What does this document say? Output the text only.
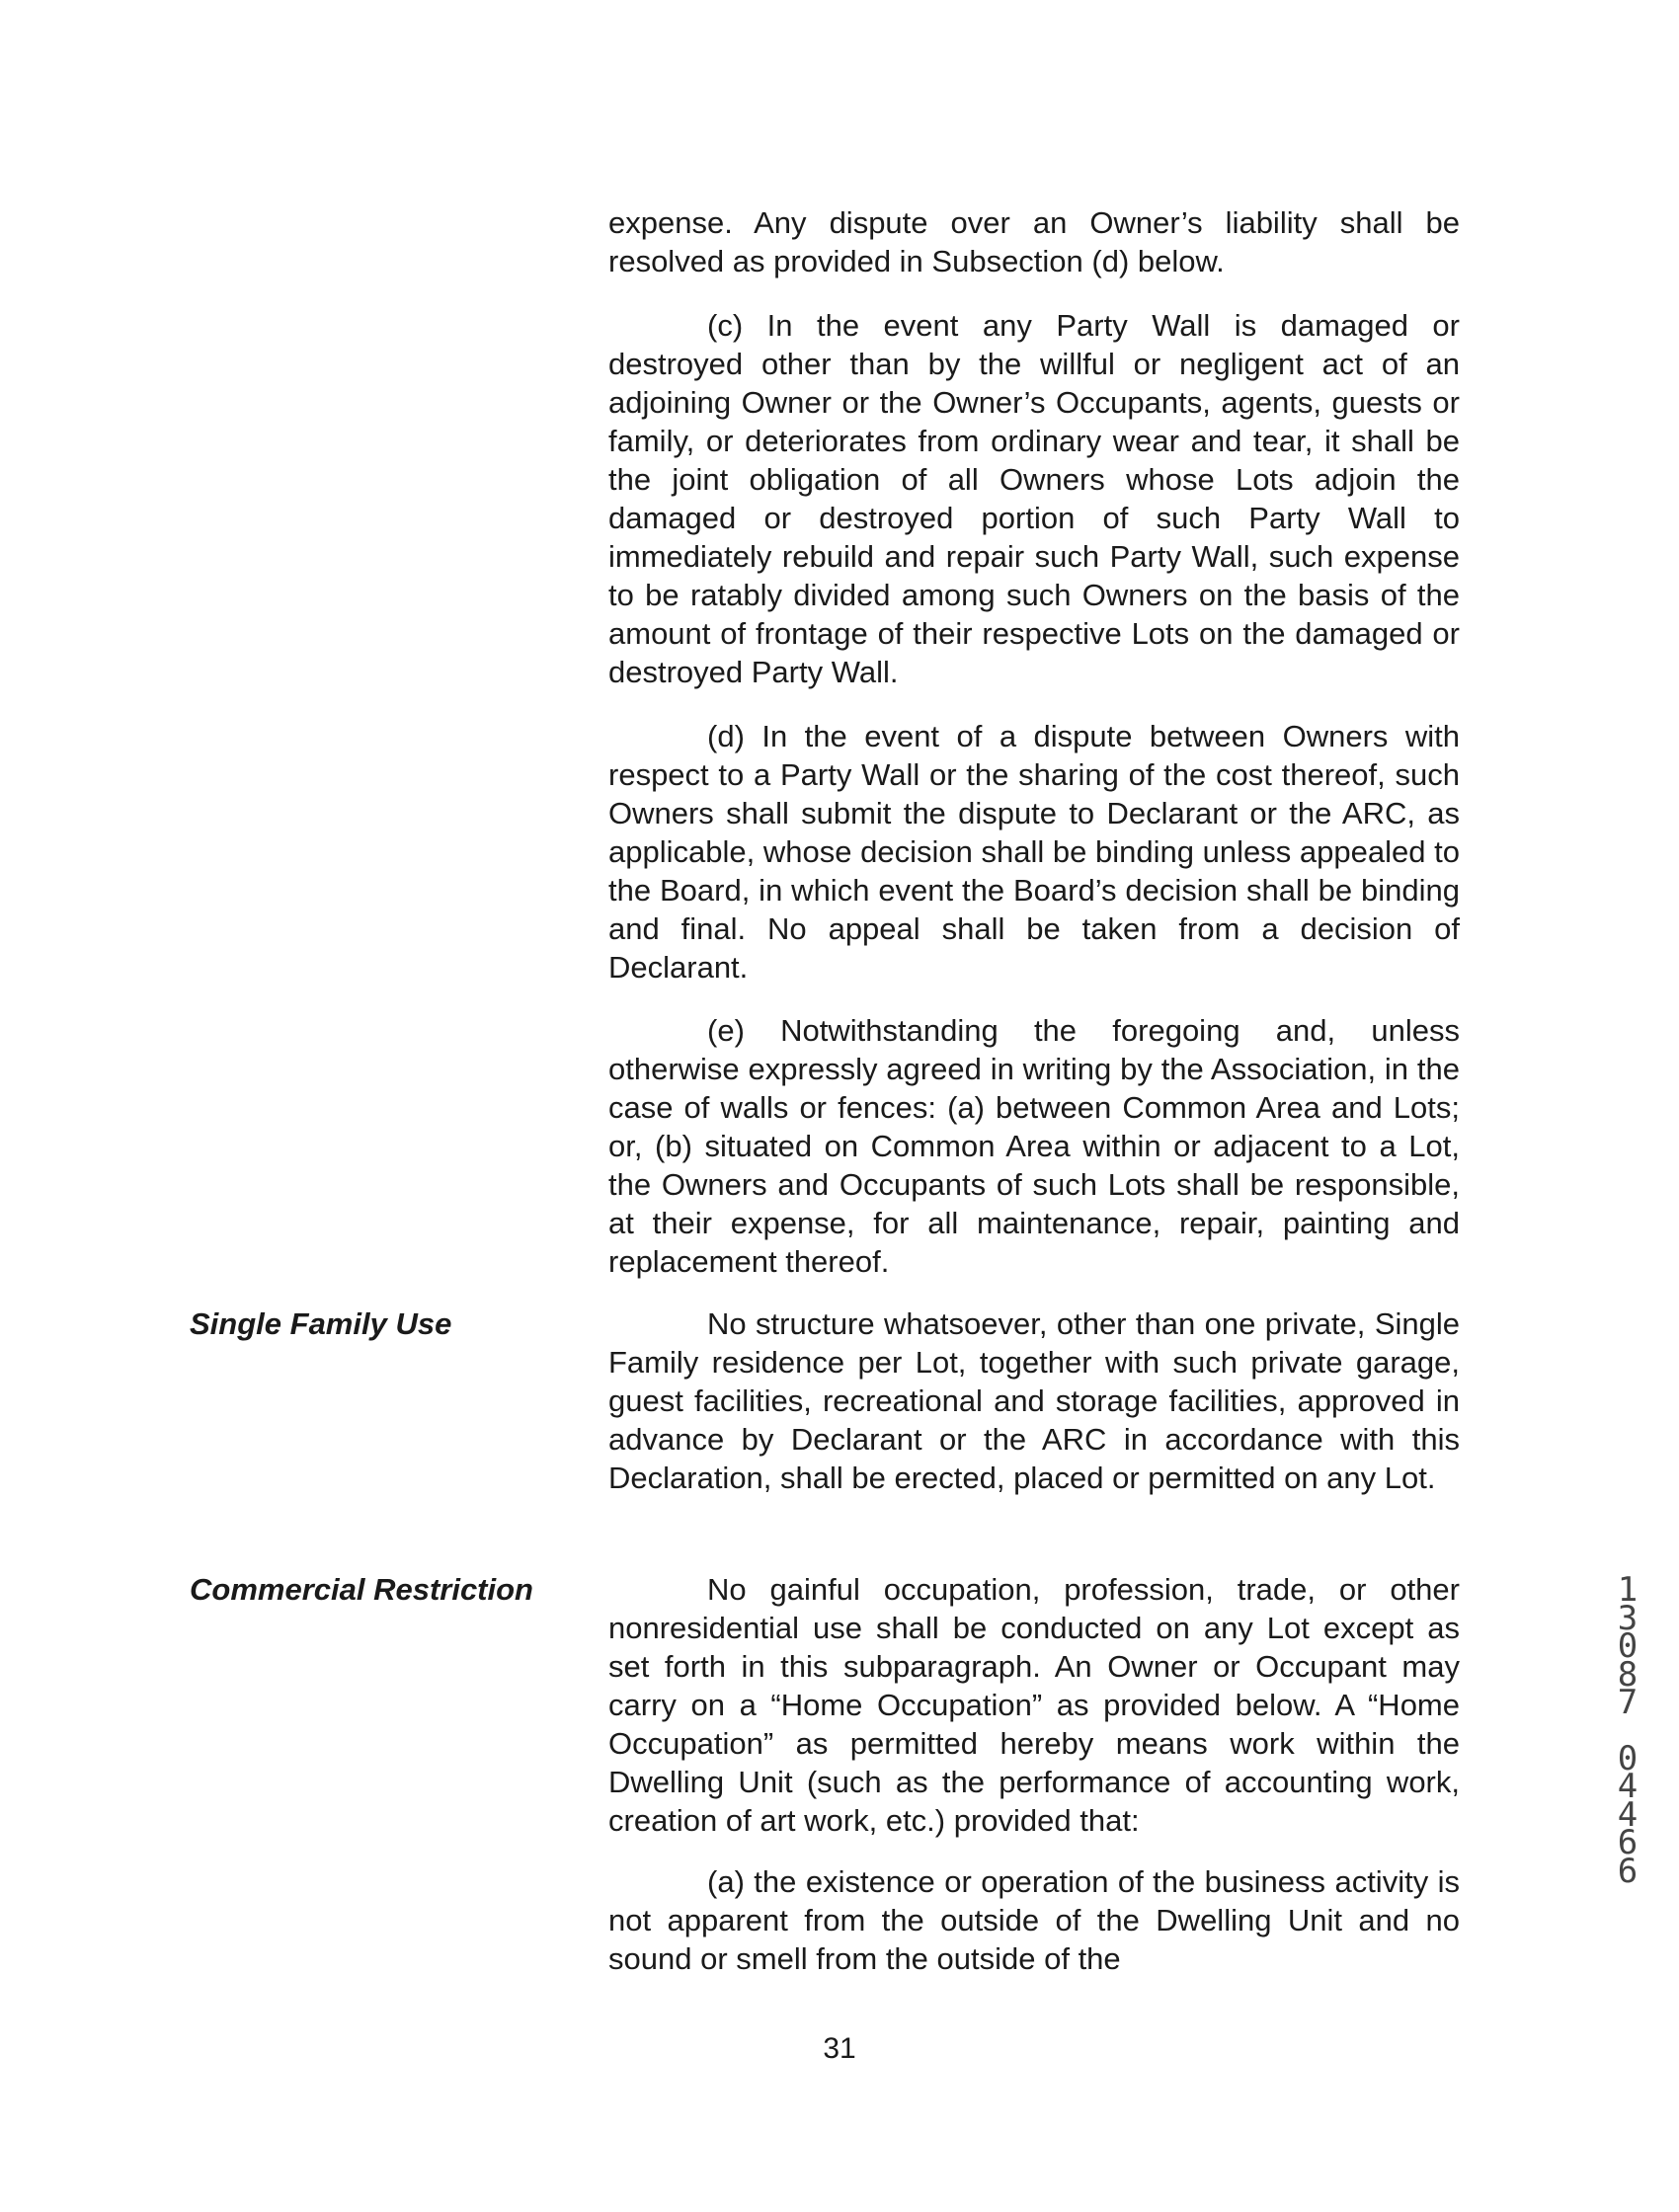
expense. Any dispute over an Owner’s liability shall be resolved as provided in Subsection (d) below.

(c) In the event any Party Wall is damaged or destroyed other than by the willful or negligent act of an adjoining Owner or the Owner’s Occupants, agents, guests or family, or deteriorates from ordinary wear and tear, it shall be the joint obligation of all Owners whose Lots adjoin the damaged or destroyed portion of such Party Wall to immediately rebuild and repair such Party Wall, such expense to be ratably divided among such Owners on the basis of the amount of frontage of their respective Lots on the damaged or destroyed Party Wall.

(d) In the event of a dispute between Owners with respect to a Party Wall or the sharing of the cost thereof, such Owners shall submit the dispute to Declarant or the ARC, as applicable, whose decision shall be binding unless appealed to the Board, in which event the Board’s decision shall be binding and final. No appeal shall be taken from a decision of Declarant.

(e) Notwithstanding the foregoing and, unless otherwise expressly agreed in writing by the Association, in the case of walls or fences: (a) between Common Area and Lots; or, (b) situated on Common Area within or adjacent to a Lot, the Owners and Occupants of such Lots shall be responsible, at their expense, for all maintenance, repair, painting and replacement thereof.

Single Family Use	No structure whatsoever, other than one private, Single Family residence per Lot, together with such private garage, guest facilities, recreational and storage facilities, approved in advance by Declarant or the ARC in accordance with this Declaration, shall be erected, placed or permitted on any Lot.

Commercial Restriction	No gainful occupation, profession, trade, or other nonresidential use shall be conducted on any Lot except as set forth in this subparagraph. An Owner or Occupant may carry on a “Home Occupation” as provided below. A “Home Occupation” as permitted hereby means work within the Dwelling Unit (such as the performance of accounting work, creation of art work, etc.) provided that:

(a) the existence or operation of the business activity is not apparent from the outside of the Dwelling Unit and no sound or smell from the outside of the

31

1
3
0
8
7
0
4
4
6
6
